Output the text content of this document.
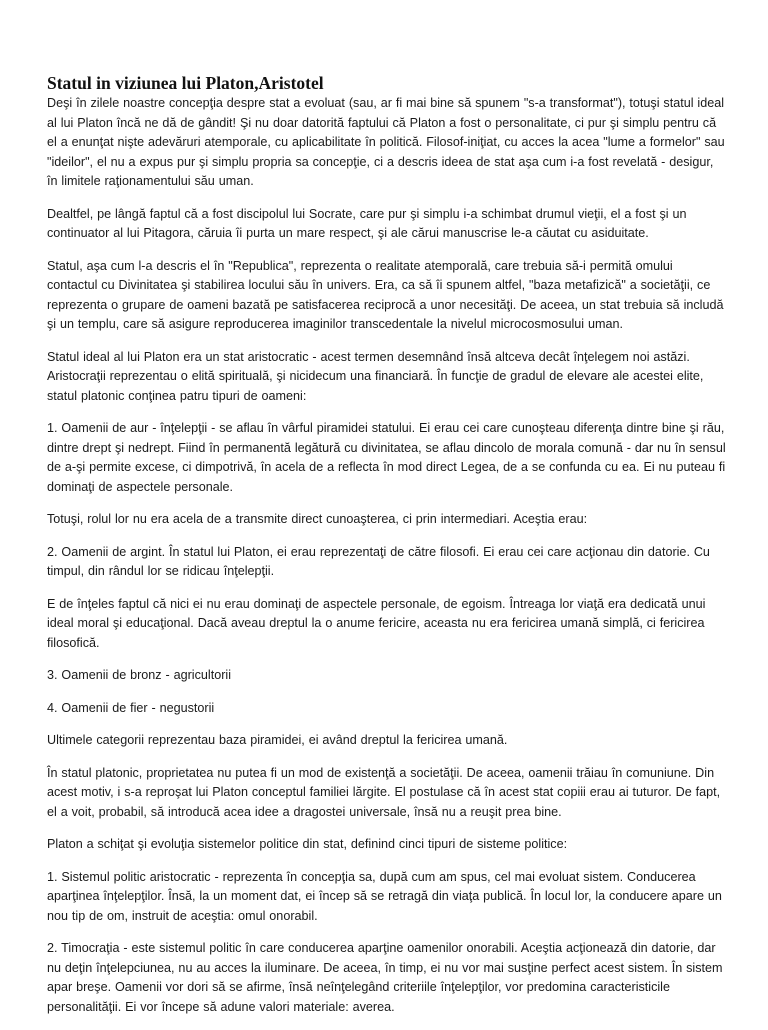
Statul in viziunea lui Platon,Aristotel

Deşi în zilele noastre concepţia despre stat a evoluat (sau, ar fi mai bine să spunem "s-a transformat"), totuşi statul ideal al lui Platon încă ne dă de gândit! Şi nu doar datorită faptului că Platon a fost o personalitate, ci pur şi simplu pentru că el a enunţat nişte adevăruri atemporale, cu aplicabilitate în politică. Filosof-iniţiat, cu acces la acea "lume a formelor" sau "ideilor", el nu a expus pur şi simplu propria sa concepţie, ci a descris ideea de stat aşa cum i-a fost revelată - desigur, în limitele raţionamentului său uman.

Dealtfel, pe lângă faptul că a fost discipolul lui Socrate, care pur şi simplu i-a schimbat drumul vieţii, el a fost şi un continuator al lui Pitagora, căruia îi purta un mare respect, şi ale cărui manuscrise le-a căutat cu asiduitate.

Statul, aşa cum l-a descris el în "Republica", reprezenta o realitate atemporală, care trebuia să-i permită omului contactul cu Divinitatea şi stabilirea locului său în univers. Era, ca să îi spunem altfel, "baza metafizică" a societăţii, ce reprezenta o grupare de oameni bazată pe satisfacerea reciprocă a unor necesităţi. De aceea, un stat trebuia să includă şi un templu, care să asigure reproducerea imaginilor transcedentale la nivelul microcosmosului uman.

Statul ideal al lui Platon era un stat aristocratic - acest termen desemnând însă altceva decât înţelegem noi astăzi. Aristocraţii reprezentau o elită spirituală, şi nicidecum una financiară. În funcţie de gradul de elevare ale acestei elite, statul platonic conţinea patru tipuri de oameni:

1. Oamenii de aur - înţelepţii - se aflau în vârful piramidei statului. Ei erau cei care cunoşteau diferenţa dintre bine şi rău, dintre drept şi nedrept. Fiind în permanentă legătură cu divinitatea, se aflau dincolo de morala comună - dar nu în sensul de a-şi permite excese, ci dimpotrivă, în acela de a reflecta în mod direct Legea, de a se confunda cu ea. Ei nu puteau fi dominaţi de aspectele personale.

Totuşi, rolul lor nu era acela de a transmite direct cunoaşterea, ci prin intermediari. Aceştia erau:

2. Oamenii de argint. În statul lui Platon, ei erau reprezentaţi de către filosofi. Ei erau cei care acţionau din datorie. Cu timpul, din rândul lor se ridicau înţelepţii.

E de înţeles faptul că nici ei nu erau dominaţi de aspectele personale, de egoism. Întreaga lor viaţă era dedicată unui ideal moral şi educaţional. Dacă aveau dreptul la o anume fericire, aceasta nu era fericirea umană simplă, ci fericirea filosofică.

3. Oamenii de bronz - agricultorii

4. Oamenii de fier - negustorii

Ultimele categorii reprezentau baza piramidei, ei având dreptul la fericirea umană.

În statul platonic, proprietatea nu putea fi un mod de existenţă a societăţii. De aceea, oamenii trăiau în comuniune. Din acest motiv, i s-a reproşat lui Platon conceptul familiei lărgite. El postulase că în acest stat copiii erau ai tuturor. De fapt, el a voit, probabil, să introducă acea idee a dragostei universale, însă nu a reuşit prea bine.

Platon a schiţat şi evoluţia sistemelor politice din stat, definind cinci tipuri de sisteme politice:

1. Sistemul politic aristocratic - reprezenta în concepţia sa, după cum am spus, cel mai evoluat sistem. Conducerea aparţinea înţelepţilor. Însă, la un moment dat, ei încep să se retragă din viaţa publică. În locul lor, la conducere apare un nou tip de om, instruit de aceştia: omul onorabil.

2. Timocraţia - este sistemul politic în care conducerea aparţine oamenilor onorabili. Aceştia acţionează din datorie, dar nu deţin înţelepciunea, nu au acces la iluminare. De aceea, în timp, ei nu vor mai susţine perfect acest sistem. În sistem apar breşe. Oamenii vor dori să se afirme, însă neînţelegând criteriile înţelepţilor, vor predomina caracteristicile personalităţii. Ei vor începe să adune valori materiale: averea.
